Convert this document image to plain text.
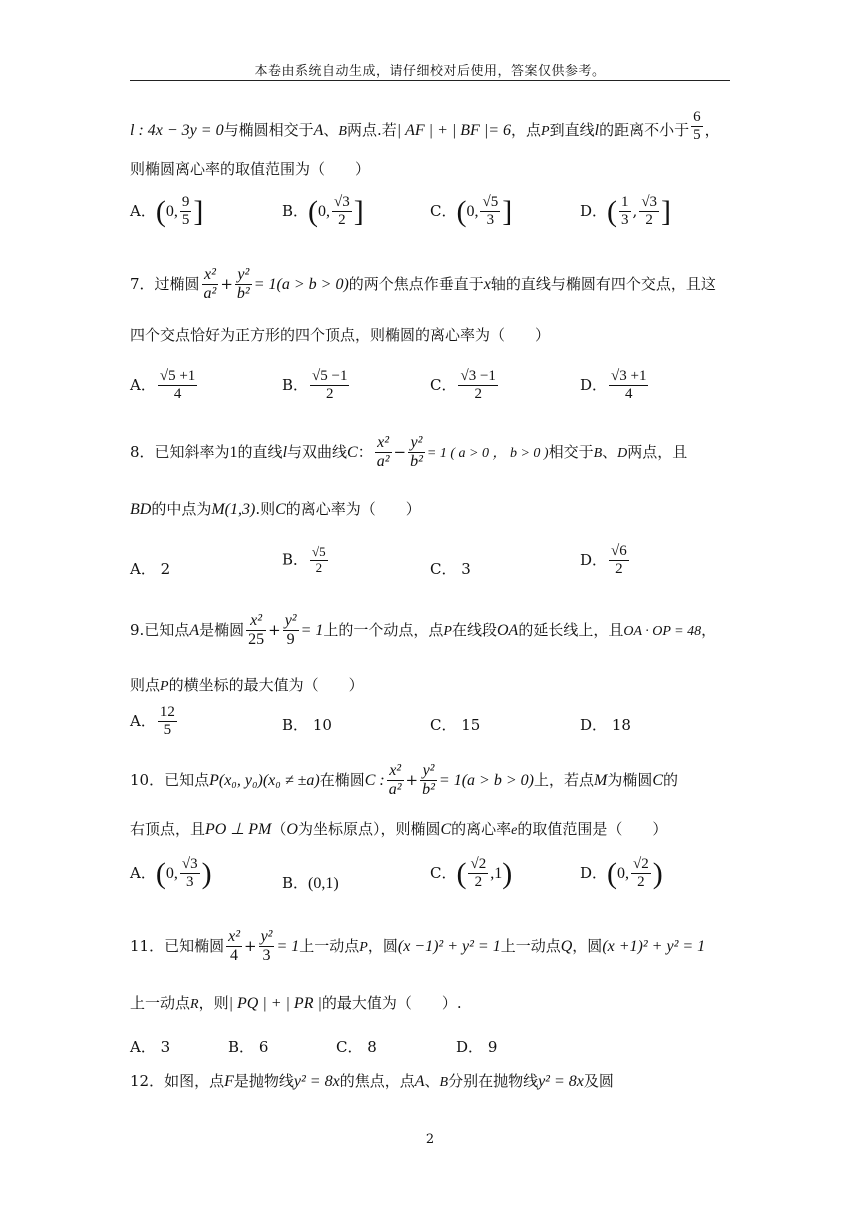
本卷由系统自动生成，请仔细校对后使用，答案仅供参考。
l : 4x − 3y = 0与椭圆相交于A、B两点.若| AF | + | BF |= 6，点P到直线l的距离不小于 $\frac{6}{5}$ ，
则椭圆离心率的取值范围为（　　）
A．(0, $\frac{9}{5}$ ]	B．(0, $\frac{√3}{2}$ ]	C．(0, $\frac{√5}{3}$ ]	D．( $\frac{1}{3}$ , $\frac{√3}{2}$ ]
7．过椭圆 $\frac{\text{x²}}{\text{a²}} + \frac{\text{y²}}{\text{b²}} = 1(a > b > 0)$的两个焦点作垂直于x轴的直线与椭圆有四个交点，且这
四个交点恰好为正方形的四个顶点，则椭圆的离心率为（　　）
A． $\frac{√5 +1}{4}$	B． $\frac{√5 -1}{2}$	C． $\frac{√3 -1}{2}$	D． $\frac{√3 +1}{4}$
8．已知斜率为1的直线l与双曲线C： $\frac{\text{x²}}{\text{a²}} - \frac{\text{y²}}{\text{b²}} = 1$ ( a > 0 ， b > 0 )相交于B、D两点，且
BD的中点为M(1,3).则C的离心率为（　　）
A． 2
B． $\frac{√5}{2}$	C． 3
D． $\frac{√6}{2}$
9.已知点A是椭圆 $\frac{\text{x²}}{25} + \frac{\text{y²}}{9} = 1$上的一个动点，点P在线段OA的延长线上，且OA · OP = 48，
则点P的横坐标的最大值为（　　）
A． $\frac{12}{5}$	B． 10	C． 15	D． 18
10．已知点P(x₀, y₀)(x₀ ≠ ±a)在椭圆C : $\frac{\text{x²}}{\text{a²}} + \frac{\text{y²}}{\text{b²}} = 1(a > b > 0)$上，若点M为椭圆C的
右顶点，且PO ⊥ PM（O为坐标原点），则椭圆C的离心率e的取值范围是（　　）
A．(0, $\frac{√3}{3}$ )	B．(0,1)
C．( $\frac{√2}{2} ,1$)	D．(0, $\frac{√2}{2}$ )
11．已知椭圆 $\frac{\text{x²}}{4} + \frac{\text{y²}}{3} = 1$上一动点P，圆(x −1)² + y² = 1上一动点Q，圆(x +1)² + y² = 1
上一动点R，则| PQ | + | PR |的最大值为（　　）.
A． 3	B． 6	C． 8	D． 9
12．如图，点F是抛物线y² = 8x的焦点，点A、B分别在抛物线y² = 8x及圆
2
